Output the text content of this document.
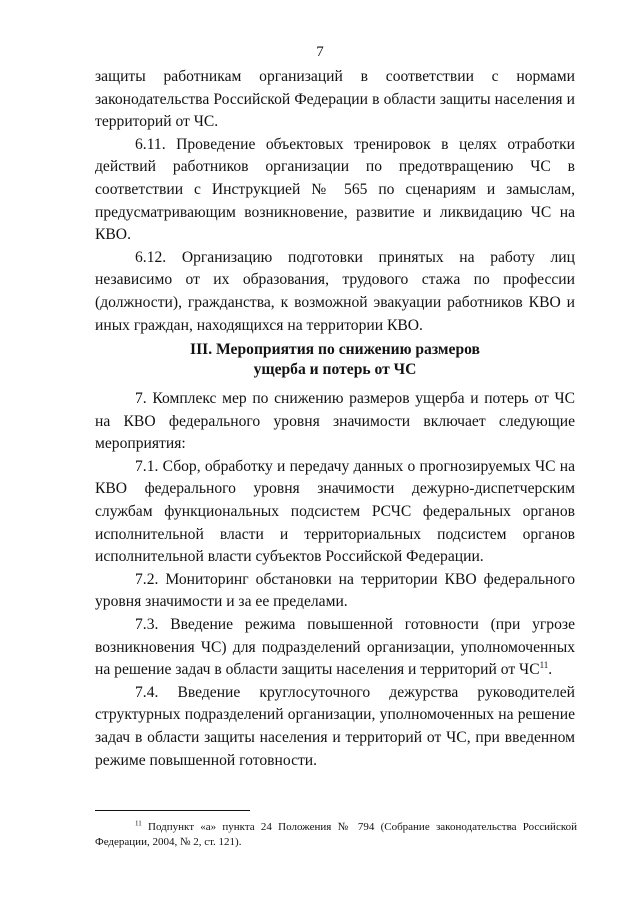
7

защиты работникам организаций в соответствии с нормами законодательства Российской Федерации в области защиты населения и территорий от ЧС.

6.11. Проведение объектовых тренировок в целях отработки действий работников организации по предотвращению ЧС в соответствии с Инструкцией № 565 по сценариям и замыслам, предусматривающим возникновение, развитие и ликвидацию ЧС на КВО.

6.12. Организацию подготовки принятых на работу лиц независимо от их образования, трудового стажа по профессии (должности), гражданства, к возможной эвакуации работников КВО и иных граждан, находящихся на территории КВО.

III. Мероприятия по снижению размеров
ущерба и потерь от ЧС

7. Комплекс мер по снижению размеров ущерба и потерь от ЧС на КВО федерального уровня значимости включает следующие мероприятия:

7.1. Сбор, обработку и передачу данных о прогнозируемых ЧС на КВО федерального уровня значимости дежурно-диспетчерским службам функциональных подсистем РСЧС федеральных органов исполнительной власти и территориальных подсистем органов исполнительной власти субъектов Российской Федерации.

7.2. Мониторинг обстановки на территории КВО федерального уровня значимости и за ее пределами.

7.3. Введение режима повышенной готовности (при угрозе возникновения ЧС) для подразделений организации, уполномоченных на решение задач в области защиты населения и территорий от ЧС$^{11}$.

7.4. Введение круглосуточного дежурства руководителей структурных подразделений организации, уполномоченных на решение задач в области защиты населения и территорий от ЧС, при введенном режиме повышенной готовности.

$^{11}$ Подпункт «а» пункта 24 Положения № 794 (Собрание законодательства Российской Федерации, 2004, № 2, ст. 121).
